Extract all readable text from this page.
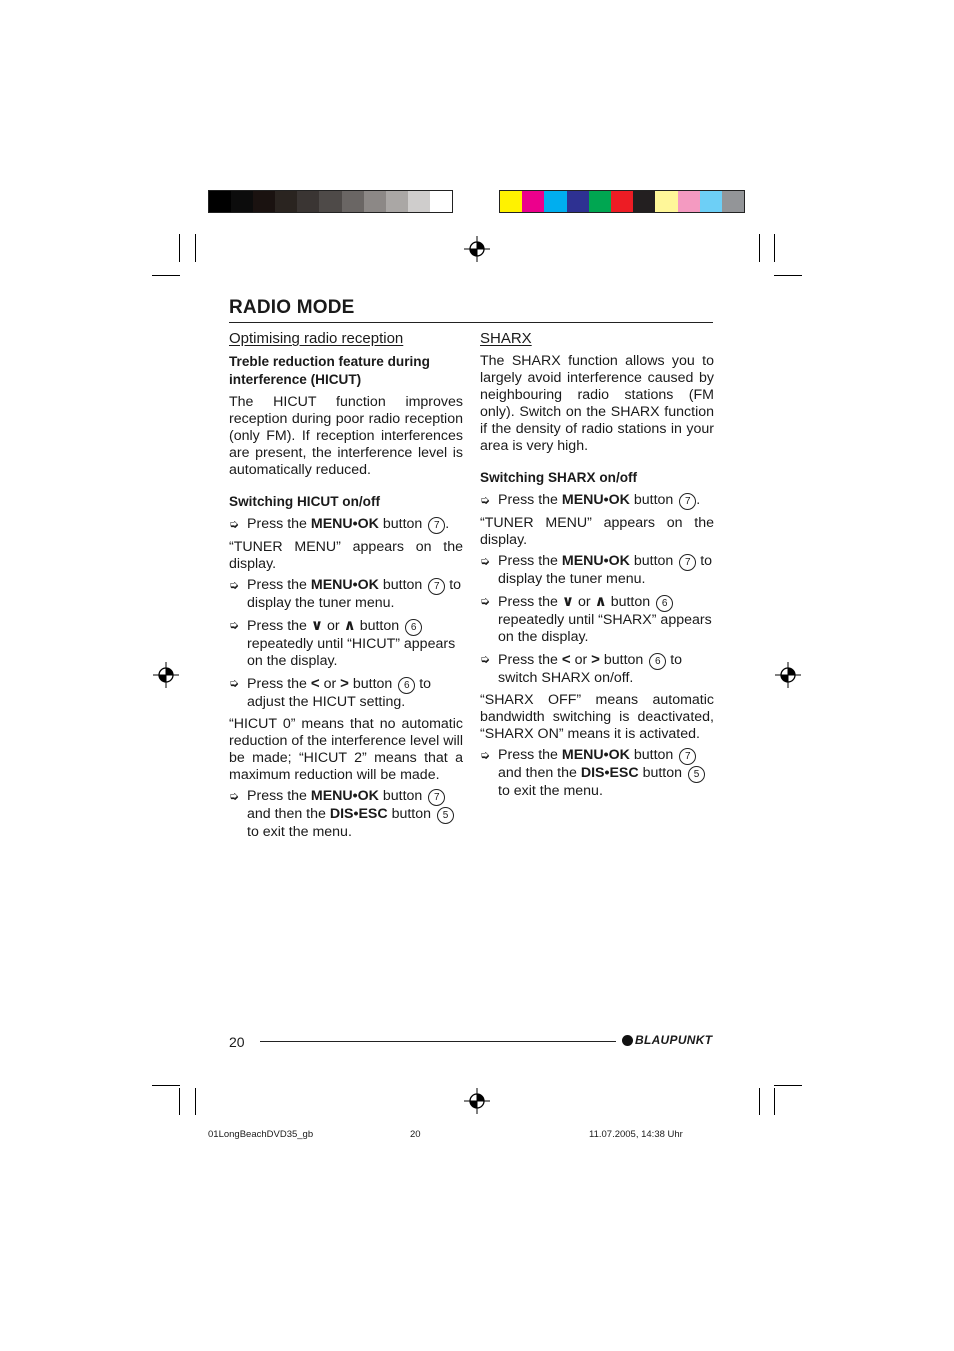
RADIO MODE
Optimising radio reception
Treble reduction feature during interference (HICUT)
The HICUT function improves reception during poor radio reception (only FM). If reception interferences are present, the interference level is automatically reduced.
Switching HICUT on/off
➭ Press the MENU•OK button 7 .
“TUNER MENU” appears on the display.
➭ Press the MENU•OK button 7 to display the tuner menu.
➭ Press the ∨ or ∧ button 6 repeatedly until “HICUT” appears on the display.
➭ Press the < or > button 6 to adjust the HICUT setting.
“HICUT 0” means that no automatic reduction of the interference level will be made; “HICUT 2” means that a maximum reduction will be made.
➭ Press the MENU•OK button 7 and then the DIS•ESC button 5 to exit the menu.
SHARX
The SHARX function allows you to largely avoid interference caused by neighbouring radio stations (FM only). Switch on the SHARX function if the density of radio stations in your area is very high.
Switching SHARX on/off
➭ Press the MENU•OK button 7 .
“TUNER MENU” appears on the display.
➭ Press the MENU•OK button 7 to display the tuner menu.
➭ Press the ∨ or ∧ button 6 repeatedly until “SHARX” appears on the display.
➭ Press the < or > button 6 to switch SHARX on/off.
“SHARX OFF” means automatic bandwidth switching is deactivated, “SHARX ON” means it is activated.
➭ Press the MENU•OK button 7 and then the DIS•ESC button 5 to exit the menu.
20	BLAUPUNKT
01LongBeachDVD35_gb	20	11.07.2005, 14:38 Uhr
